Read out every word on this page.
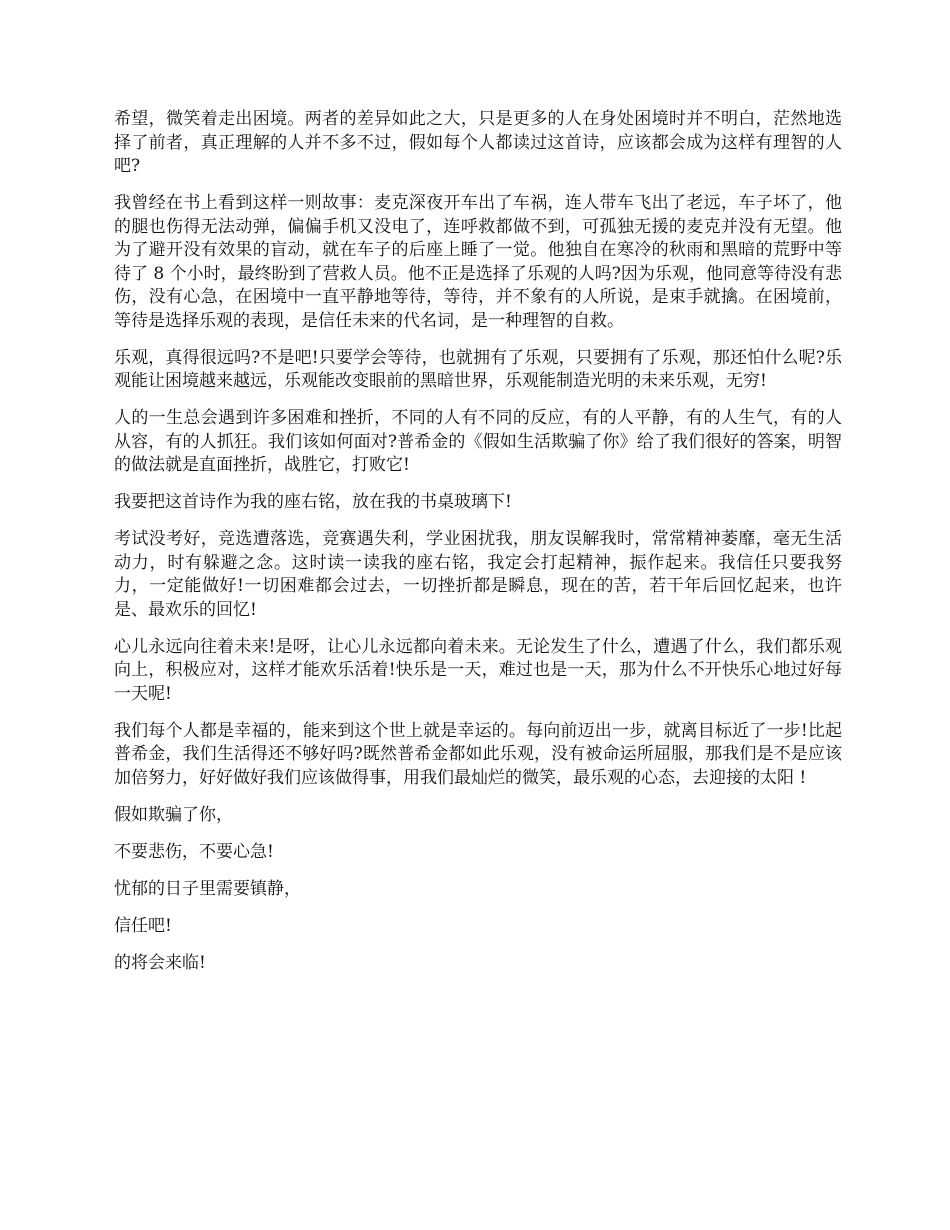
希望，微笑着走出困境。两者的差异如此之大，只是更多的人在身处困境时并不明白，茫然地选择了前者，真正理解的人并不多不过，假如每个人都读过这首诗，应该都会成为这样有理智的人吧?

我曾经在书上看到这样一则故事：麦克深夜开车出了车祸，连人带车飞出了老远，车子坏了，他的腿也伤得无法动弹，偏偏手机又没电了，连呼救都做不到，可孤独无援的麦克并没有无望。他为了避开没有效果的盲动，就在车子的后座上睡了一觉。他独自在寒冷的秋雨和黑暗的荒野中等待了 8 个小时，最终盼到了营救人员。他不正是选择了乐观的人吗?因为乐观，他同意等待没有悲伤，没有心急，在困境中一直平静地等待，等待，并不象有的人所说，是束手就擒。在困境前，等待是选择乐观的表现，是信任未来的代名词，是一种理智的自救。

乐观，真得很远吗?不是吧!只要学会等待，也就拥有了乐观，只要拥有了乐观，那还怕什么呢?乐观能让困境越来越远，乐观能改变眼前的黑暗世界，乐观能制造光明的未来乐观，无穷!

人的一生总会遇到许多困难和挫折，不同的人有不同的反应，有的人平静，有的人生气，有的人从容，有的人抓狂。我们该如何面对?普希金的《假如生活欺骗了你》给了我们很好的答案，明智的做法就是直面挫折，战胜它，打败它!

我要把这首诗作为我的座右铭，放在我的书桌玻璃下!

考试没考好，竞选遭落选，竞赛遇失利，学业困扰我，朋友误解我时，常常精神萎靡，毫无生活动力，时有躲避之念。这时读一读我的座右铭，我定会打起精神，振作起来。我信任只要我努力，一定能做好!一切困难都会过去，一切挫折都是瞬息，现在的苦，若干年后回忆起来，也许是、最欢乐的回忆!

心儿永远向往着未来!是呀，让心儿永远都向着未来。无论发生了什么，遭遇了什么，我们都乐观向上，积极应对，这样才能欢乐活着!快乐是一天，难过也是一天，那为什么不开快乐心地过好每一天呢!

我们每个人都是幸福的，能来到这个世上就是幸运的。每向前迈出一步，就离目标近了一步!比起普希金，我们生活得还不够好吗?既然普希金都如此乐观，没有被命运所屈服，那我们是不是应该加倍努力，好好做好我们应该做得事，用我们最灿烂的微笑，最乐观的心态，去迎接的太阳 !

假如欺骗了你，

不要悲伤，不要心急!

忧郁的日子里需要镇静，

信任吧!

的将会来临!
